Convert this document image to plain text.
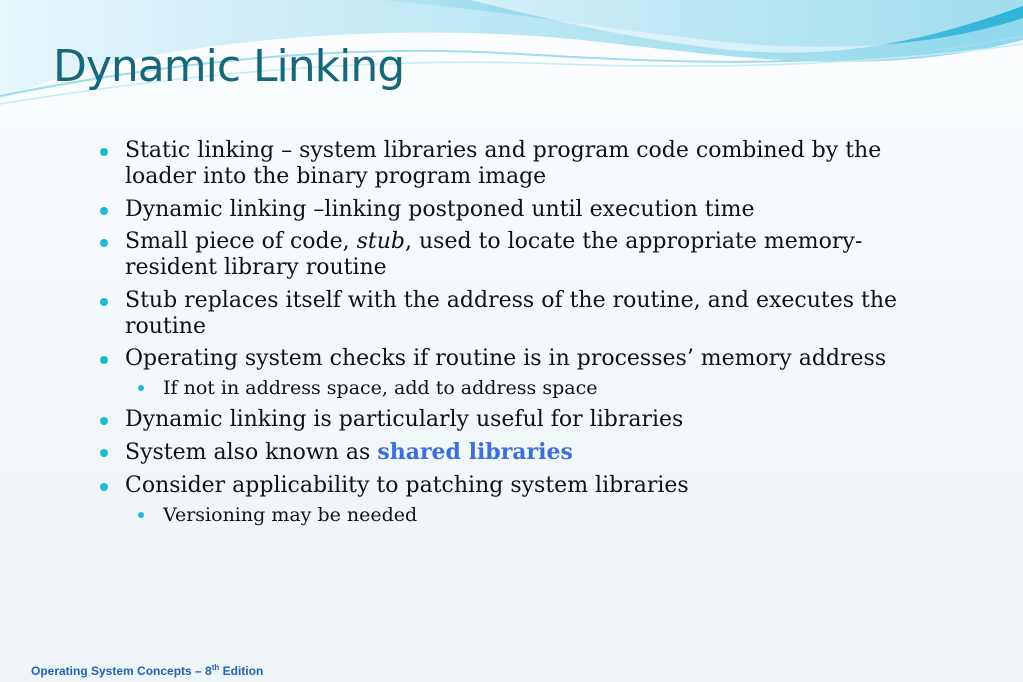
Dynamic Linking
Static linking – system libraries and program code combined by the loader into the binary program image
Dynamic linking –linking postponed until execution time
Small piece of code, stub, used to locate the appropriate memory-resident library routine
Stub replaces itself with the address of the routine, and executes the routine
Operating system checks if routine is in processes’ memory address
If not in address space, add to address space
Dynamic linking is particularly useful for libraries
System also known as shared libraries
Consider applicability to patching system libraries
Versioning may be needed
Operating System Concepts – 8th Edition
